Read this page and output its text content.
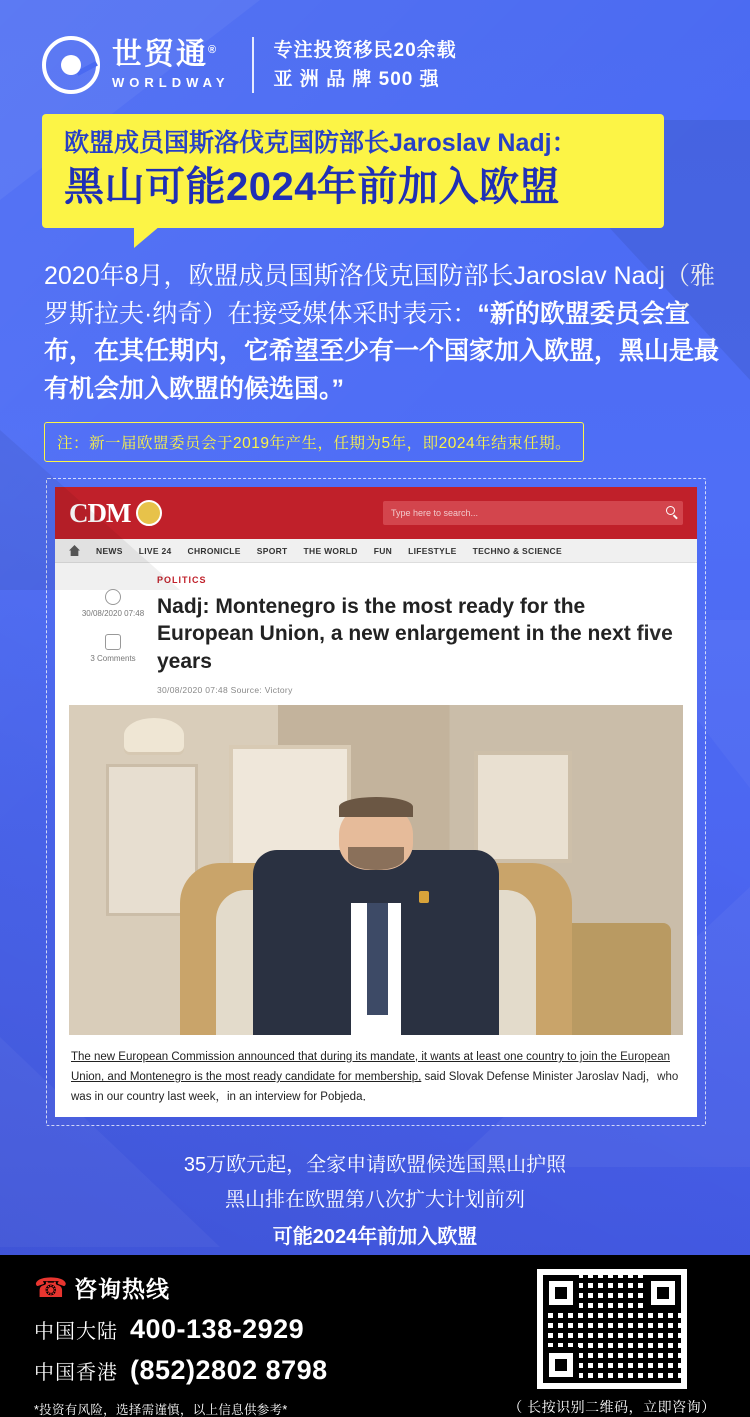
世贸通®
WORLDWAY
专注投资移民20余载
亚 洲 品 牌 500 强
欧盟成员国斯洛伐克国防部长Jaroslav Nadj：
黑山可能2024年前加入欧盟
2020年8月，欧盟成员国斯洛伐克国防部长Jaroslav Nadj（雅罗斯拉夫·纳奇）在接受媒体采时表示：“新的欧盟委员会宣布，在其任期内，它希望至少有一个国家加入欧盟，黑山是最有机会加入欧盟的候选国。”
注：新一届欧盟委员会于2019年产生，任期为5年，即2024年结束任期。
CDM	Type here to search...
NEWS LIVE 24 CHRONICLE SPORT THE WORLD FUN LIFESTYLE TECHNO & SCIENCE
30/08/2020 07:48
3 Comments
POLITICS
Nadj: Montenegro is the most ready for the European Union, a new enlargement in the next five years
30/08/2020 07:48 Source: Victory
The new European Commission announced that during its mandate, it wants at least one country to join the European Union, and Montenegro is the most ready candidate for membership, said Slovak Defense Minister Jaroslav Nadj，who was in our country last week，in an interview for Pobjeda．
35万欧元起，全家申请欧盟候选国黑山护照
黑山排在欧盟第八次扩大计划前列
可能2024年前加入欧盟
☎
咨询热线
中国大陆 400-138-2929
中国香港 (852)2802 8798
*投资有风险，选择需谨慎，以上信息供参考*	（ 长按识别二维码，立即咨询）
